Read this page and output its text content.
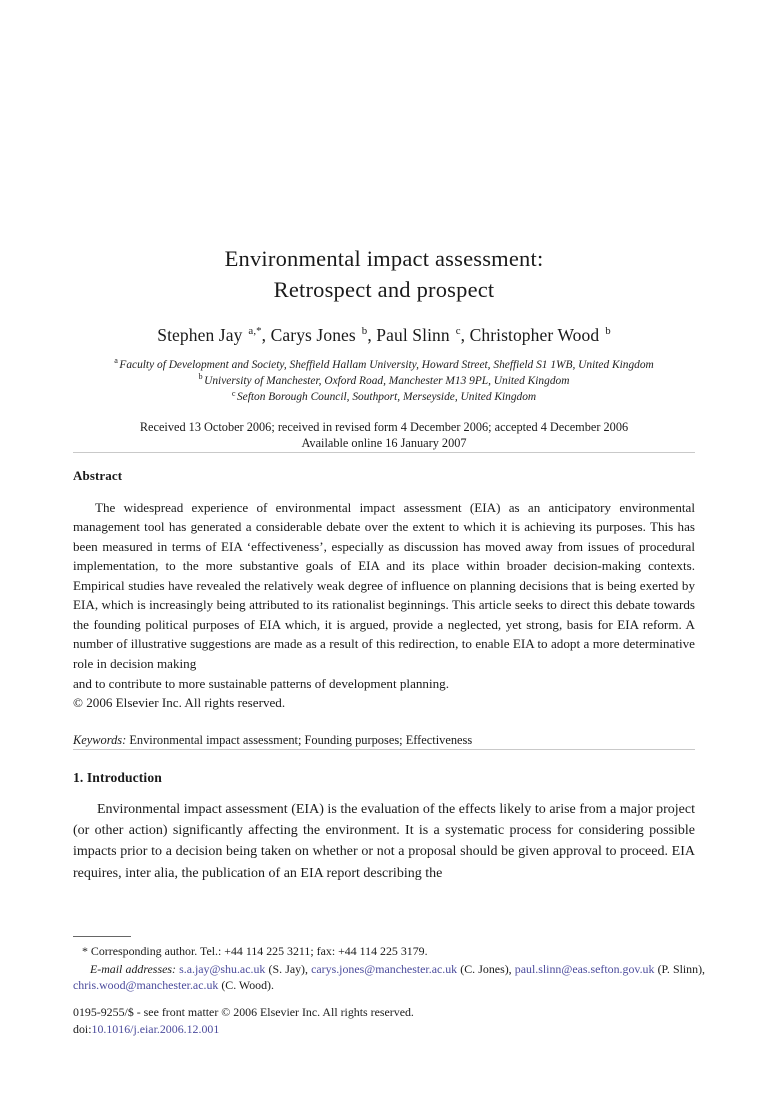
Environmental impact assessment:
Retrospect and prospect
Stephen Jay $^{a,*}$, Carys Jones $^b$, Paul Slinn $^c$, Christopher Wood $^b$
$^a$ Faculty of Development and Society, Sheffield Hallam University, Howard Street, Sheffield S1 1WB, United Kingdom
$^b$ University of Manchester, Oxford Road, Manchester M13 9PL, United Kingdom
$^c$ Sefton Borough Council, Southport, Merseyside, United Kingdom
Received 13 October 2006; received in revised form 4 December 2006; accepted 4 December 2006
Available online 16 January 2007
Abstract
The widespread experience of environmental impact assessment (EIA) as an anticipatory environmental management tool has generated a considerable debate over the extent to which it is achieving its purposes. This has been measured in terms of EIA ‘effectiveness’, especially as discussion has moved away from issues of procedural implementation, to the more substantive goals of EIA and its place within broader decision-making contexts. Empirical studies have revealed the relatively weak degree of influence on planning decisions that is being exerted by EIA, which is increasingly being attributed to its rationalist beginnings. This article seeks to direct this debate towards the founding political purposes of EIA which, it is argued, provide a neglected, yet strong, basis for EIA reform. A number of illustrative suggestions are made as a result of this redirection, to enable EIA to adopt a more determinative role in decision making
and to contribute to more sustainable patterns of development planning.
© 2006 Elsevier Inc. All rights reserved.
Keywords: Environmental impact assessment; Founding purposes; Effectiveness
1. Introduction
Environmental impact assessment (EIA) is the evaluation of the effects likely to arise from a major project (or other action) significantly affecting the environment. It is a systematic process for considering possible impacts prior to a decision being taken on whether or not a proposal should be given approval to proceed. EIA requires, inter alia, the publication of an EIA report describing the
* Corresponding author. Tel.: +44 114 225 3211; fax: +44 114 225 3179.
E-mail addresses: s.a.jay@shu.ac.uk (S. Jay), carys.jones@manchester.ac.uk (C. Jones), paul.slinn@eas.sefton.gov.uk (P. Slinn), chris.wood@manchester.ac.uk (C. Wood).
0195-9255/$ - see front matter © 2006 Elsevier Inc. All rights reserved.
doi:10.1016/j.eiar.2006.12.001
